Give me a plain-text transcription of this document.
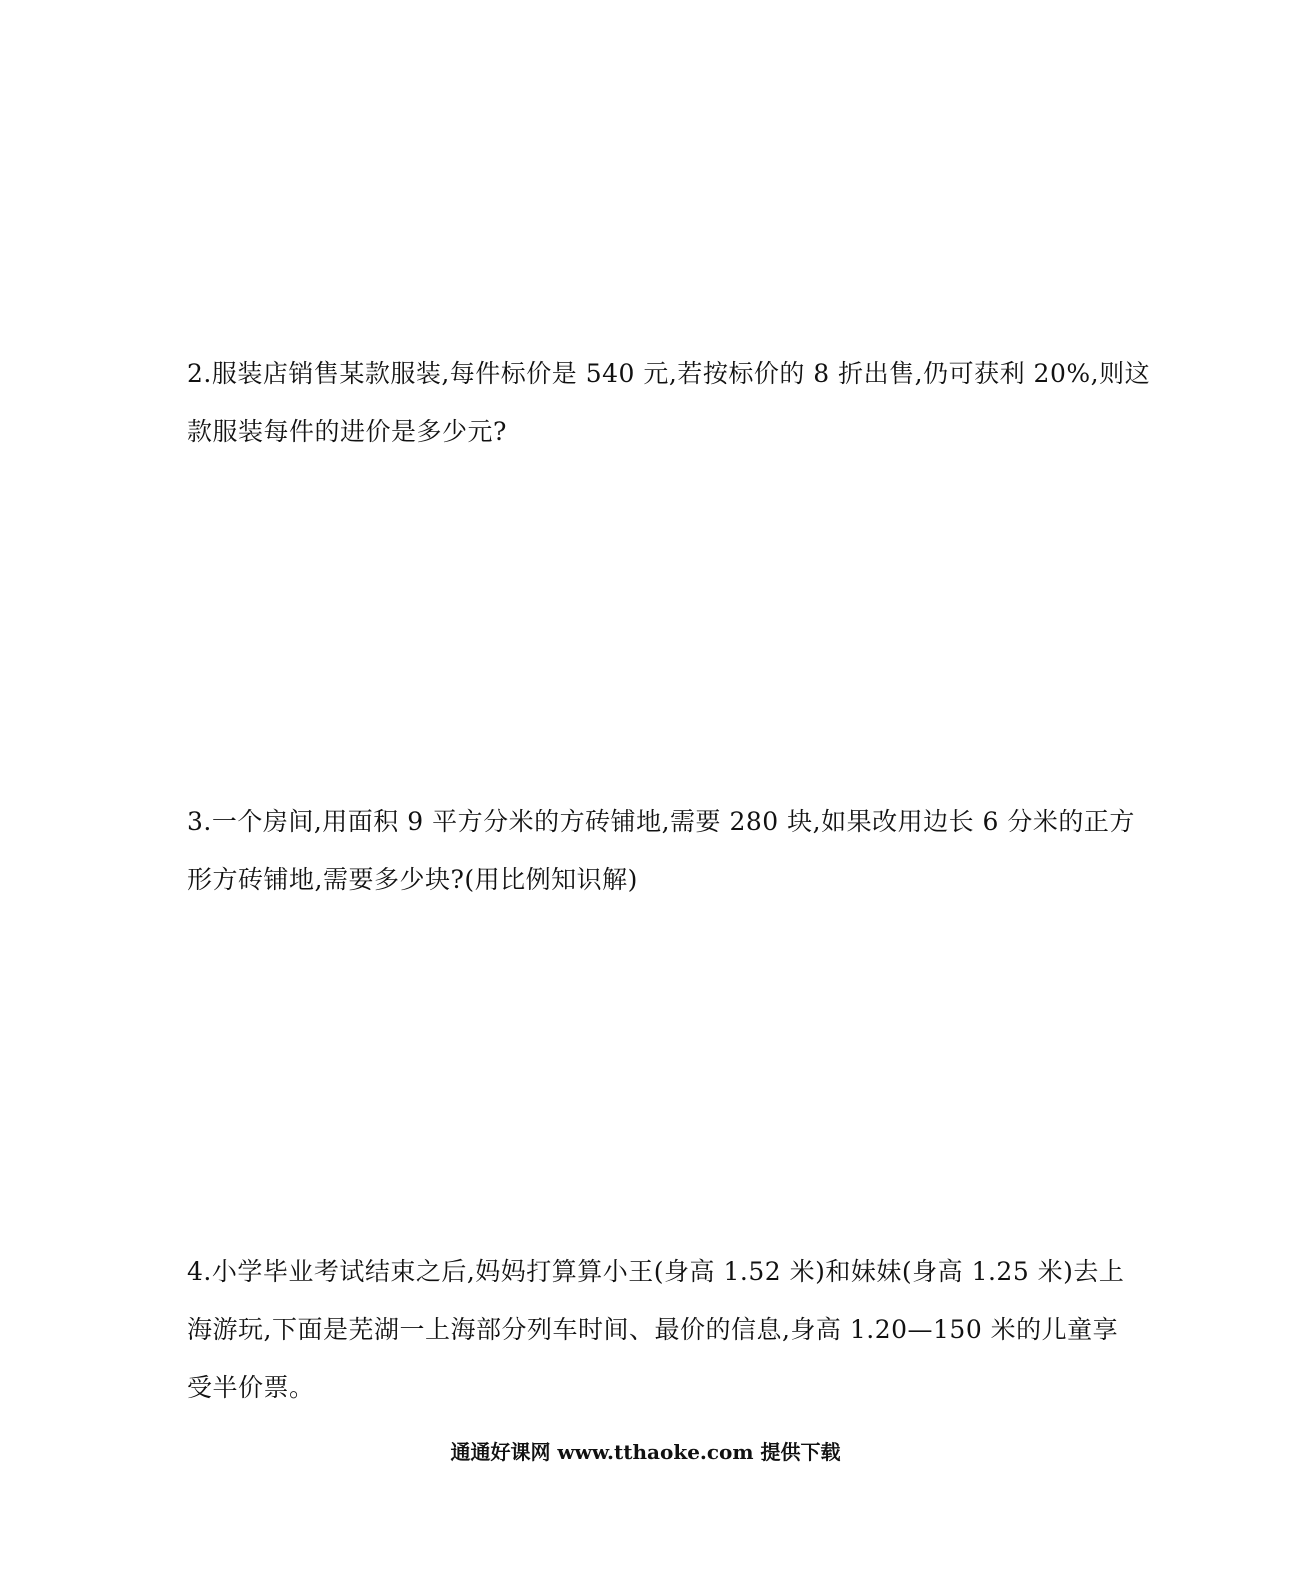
2.服装店销售某款服装,每件标价是 540 元,若按标价的 8 折出售,仍可获利 20%,则这

款服装每件的进价是多少元?

3.一个房间,用面积 9 平方分米的方砖铺地,需要 280 块,如果改用边长 6 分米的正方

形方砖铺地,需要多少块?(用比例知识解)

4.小学毕业考试结束之后,妈妈打算算小王(身高 1.52 米)和妹妹(身高 1.25 米)去上

海游玩,下面是芜湖一上海部分列车时间、最价的信息,身高 1.20—150 米的儿童享

受半价票。

通通好课网 www.tthaoke.com 提供下载
